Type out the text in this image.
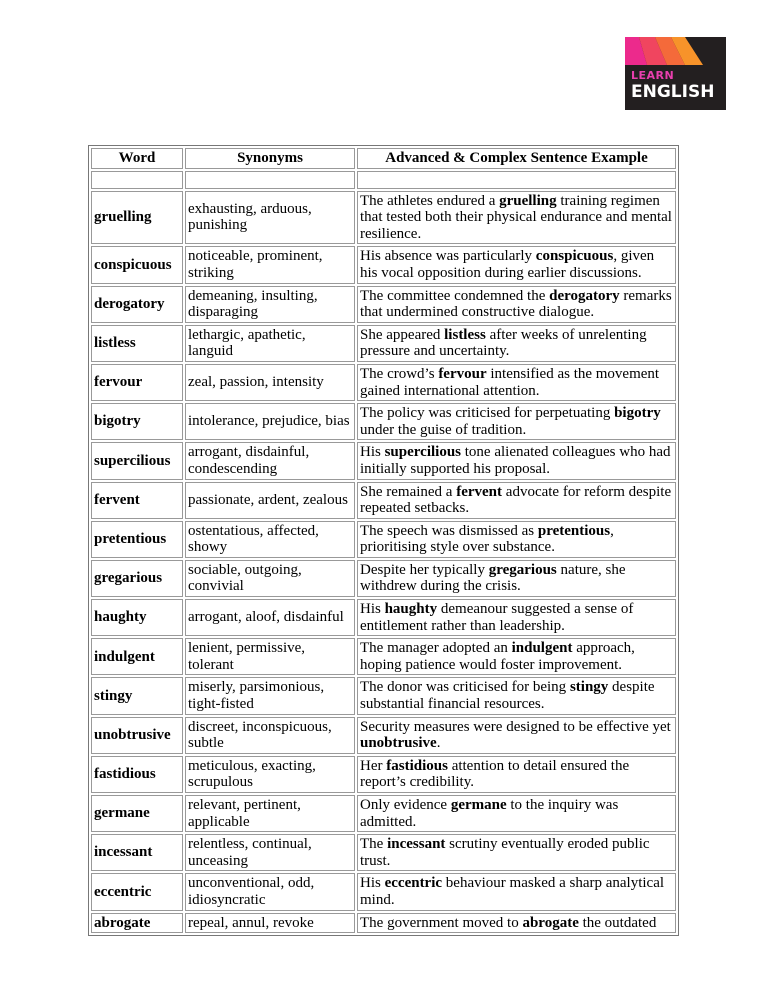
LEARN
ENGLISH
Word	Synonyms	Advanced & Complex Sentence Example

gruelling	exhausting, arduous, punishing	The athletes endured a gruelling training regimen that tested both their physical endurance and mental resilience.
conspicuous	noticeable, prominent, striking	His absence was particularly conspicuous, given his vocal opposition during earlier discussions.
derogatory	demeaning, insulting, disparaging	The committee condemned the derogatory remarks that undermined constructive dialogue.
listless	lethargic, apathetic, languid	She appeared listless after weeks of unrelenting pressure and uncertainty.
fervour	zeal, passion, intensity	The crowd’s fervour intensified as the movement gained international attention.
bigotry	intolerance, prejudice, bias	The policy was criticised for perpetuating bigotry under the guise of tradition.
supercilious	arrogant, disdainful, condescending	His supercilious tone alienated colleagues who had initially supported his proposal.
fervent	passionate, ardent, zealous	She remained a fervent advocate for reform despite repeated setbacks.
pretentious	ostentatious, affected, showy	The speech was dismissed as pretentious, prioritising style over substance.
gregarious	sociable, outgoing, convivial	Despite her typically gregarious nature, she withdrew during the crisis.
haughty	arrogant, aloof, disdainful	His haughty demeanour suggested a sense of entitlement rather than leadership.
indulgent	lenient, permissive, tolerant	The manager adopted an indulgent approach, hoping patience would foster improvement.
stingy	miserly, parsimonious, tight-fisted	The donor was criticised for being stingy despite substantial financial resources.
unobtrusive	discreet, inconspicuous, subtle	Security measures were designed to be effective yet unobtrusive.
fastidious	meticulous, exacting, scrupulous	Her fastidious attention to detail ensured the report’s credibility.
germane	relevant, pertinent, applicable	Only evidence germane to the inquiry was admitted.
incessant	relentless, continual, unceasing	The incessant scrutiny eventually eroded public trust.
eccentric	unconventional, odd, idiosyncratic	His eccentric behaviour masked a sharp analytical mind.
abrogate	repeal, annul, revoke	The government moved to abrogate the outdated
